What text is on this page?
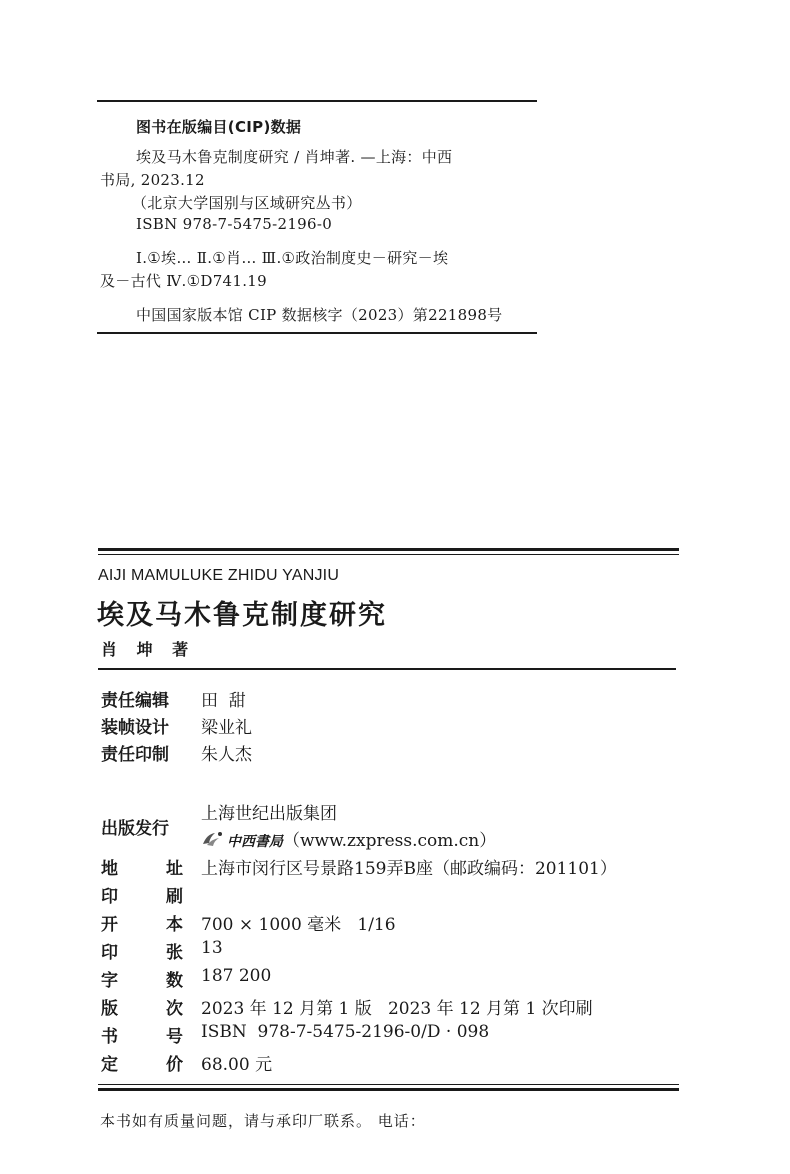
图书在版编目(CIP)数据
埃及马木鲁克制度研究 / 肖坤著. —上海：中西
书局, 2023.12
（北京大学国别与区域研究丛书）
ISBN 978-7-5475-2196-0
Ⅰ.①埃… Ⅱ.①肖… Ⅲ.①政治制度史－研究－埃
及－古代 Ⅳ.①D741.19
中国国家版本馆 CIP 数据核字（2023）第221898号
AIJI MAMULUKE ZHIDU YANJIU
埃及马木鲁克制度研究
肖 坤 著
责任编辑 田  甜
装帧设计 梁业礼
责任印制 朱人杰
出版发行
上海世纪出版集团
中西書局（www.zxpress.com.cn）
地	址 上海市闵行区号景路159弄B座（邮政编码：201101）
印	刷
开	本 700 × 1000 毫米   1/16
印	张 13
字	数 187 200
版	次 2023 年 12 月第 1 版   2023 年 12 月第 1 次印刷
书	号 ISBN  978-7-5475-2196-0/D · 098
定	价 68.00 元
本书如有质量问题，请与承印厂联系。 电话：
